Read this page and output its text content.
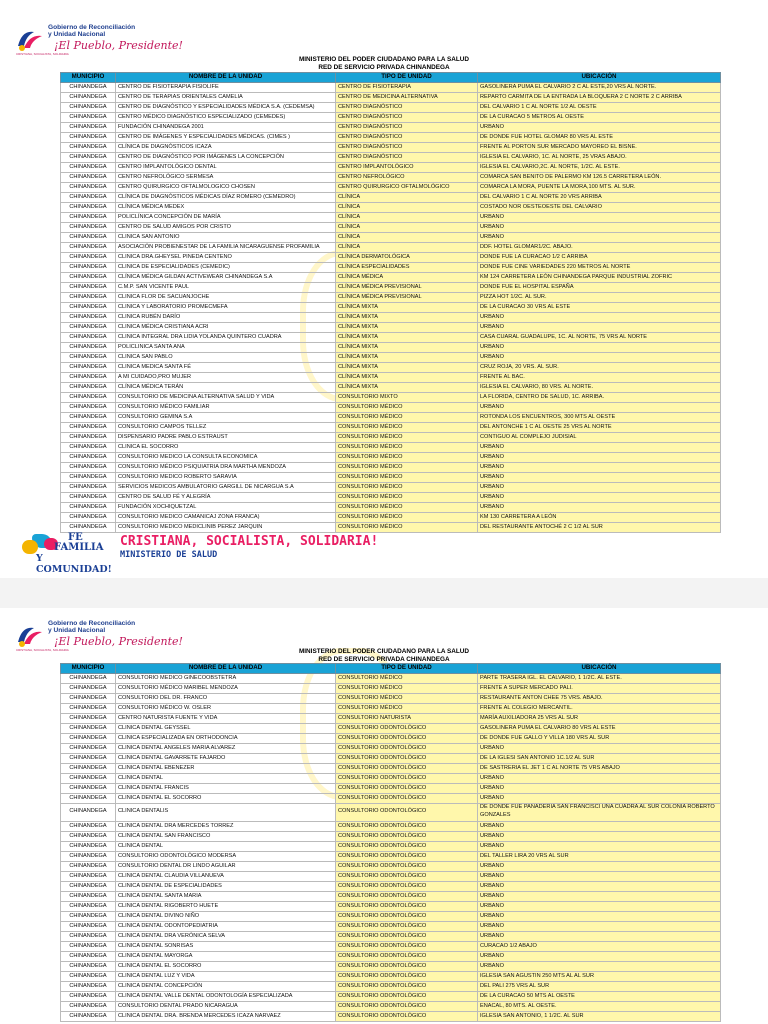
Gobierno de Reconciliación
y Unidad Nacional
¡El Pueblo, Presidente!
CRISTIANA, SOCIALISTA, SOLIDARIA
MINISTERIO DEL PODER CIUDADANO PARA LA SALUD
RED DE SERVICIO PRIVADA CHINANDEGA
MUNICIPIO	NOMBRE DE LA UNIDAD	TIPO DE UNIDAD	UBICACIÓN
CHINANDEGA	CENTRO DE FISIOTERAPIA FISIOLIFE	CENTRO DE FISIOTERAPIA	GASOLINERA PUMA EL CALVARIO 2 C AL ESTE,20 VRS AL NORTE.
CHINANDEGA	CENTRO DE TERAPIAS ORIENTALES CAMELIA	CENTRO DE MEDICINA ALTERNATIVA	REPARTO CARMITA DE LA ENTRADA LA BLOQUERA 2 C NORTE 2 C ARRIBA
CHINANDEGA	CENTRO DE DIAGNÓSTICO Y ESPECIALIDADES MÉDICA S.A. (CEDEMSA)	CENTRO DIAGNÓSTICO	DEL CALVARIO 1 C AL NORTE 1/2 AL OESTE
CHINANDEGA	CENTRO MÉDICO DIAGNÓSTICO ESPECIALIZADO (CEMEDES)	CENTRO DIAGNÓSTICO	DE LA CURACAO 5 METROS AL OESTE
CHINANDEGA	FUNDACIÓN CHINANDEGA 2001	CENTRO DIAGNÓSTICO	URBANO
CHINANDEGA	CENTRO DE IMÁGENES Y ESPECIALIDADES MÉDICAS. (CIMES )	CENTRO DIAGNÓSTICO	DE DONDE FUE HOTEL GLOMAR 80 VRS AL ESTE
CHINANDEGA	CLÍNICA DE DIAGNÓSTICOS ICAZA	CENTRO DIAGNÓSTICO	FRENTE AL PORTON SUR MERCADO MAYOREO EL BISNE.
CHINANDEGA	CENTRO DE DIAGNÓSTICO POR IMÁGENES LA CONCEPCIÓN	CENTRO DIAGNÓSTICO	IGLESIA EL CALVARIO, 1C. AL NORTE, 25 VRAS ABAJO.
CHINANDEGA	CENTRO IMPLANTOLÓGICO DENTAL	CENTRO IMPLANTOLÓGICO	IGLESIA EL CALVARIO,2C. AL NORTE, 1/2C. AL ESTE.
CHINANDEGA	CENTRO NEFROLÓGICO SERMESA	CENTRO NEFROLÓGICO	COMARCA SAN BENITO DE PALERMO KM 126.5 CARRETERA LEÓN.
CHINANDEGA	CENTRO QUIRURGICO OFTALMOLOGICO CHOSEN	CENTRO QUIRURGICO OFTALMOLÓGICO	COMARCA LA MORA, PUENTE LA MORA,100 MTS. AL SUR.
CHINANDEGA	CLÍNICA DE DIAGNÓSTICOS MÉDICAS DÍAZ ROMERO (CEMEDRO)	CLÍNICA	DEL CALVARIO 1 C AL NORTE 20 VRS ARRIBA
CHINANDEGA	CLÍNICA MÉDICA MEDEX	CLÍNICA	COSTADO NOR OESTEOESTE DEL CALVARIO
CHINANDEGA	POLICLÍNICA CONCEPCIÓN DE MARÍA	CLÍNICA	URBANO
CHINANDEGA	CENTRO DE SALUD AMIGOS POR CRISTO	CLÍNICA	URBANO
CHINANDEGA	CLINICA SAN ANTONIO	CLÍNICA	URBANO
CHINANDEGA	ASOCIACIÓN PROBIENESTAR DE LA FAMILIA NICARAGUENSE PROFAMILIA	CLÍNICA	DDF. HOTEL GLOMAR1/2C. ABAJO.
CHINANDEGA	CLINICA DRA.GHEYSEL PINEDA CENTENO	CLÍNICA DERMATOLÓGICA	DONDE FUE LA CURACAO 1/2 C ARRIBA
CHINANDEGA	CLINICA DE ESPECIALIDADES (CEMEDIC)	CLÍNICA ESPECIALIDADES	DONDE FUE CINE VARIEDADES 220 METROS AL NORTE
CHINANDEGA	CLÍNICA MÉDICA GILDAN ACTIVEWEAR CHINANDEGA S.A	CLÍNICA MÉDICA	KM 124 CARRETERA LEÓN CHINANDEGA PARQUE INDUSTRIAL ZOFRIC
CHINANDEGA	C.M.P. SAN VICENTE PAUL	CLÍNICA MÉDICA PREVISIONAL	DONDE FUE EL HOSPITAL ESPAÑA
CHINANDEGA	CLINICA FLOR DE SACUANJOCHE	CLÍNICA MÉDICA PREVISIONAL	PIZZA HOT 1/2C. AL SUR.
CHINANDEGA	CLINICA Y LABORATORIO PROMECMEFA	CLÍNICA MIXTA	DE LA CURACAO 30 VRS AL ESTE
CHINANDEGA	CLINICA RUBÉN DARÍO	CLÍNICA MIXTA	URBANO
CHINANDEGA	CLINICA MÉDICA CRISTIANA ACRI	CLÍNICA MIXTA	URBANO
CHINANDEGA	CLINICA INTEGRAL DRA LIDIA YOLANDA QUINTERO CUADRA	CLÍNICA MIXTA	CASA CUARAL GUADALUPE, 1C. AL NORTE, 75 VRS AL NORTE
CHINANDEGA	POLICLINICA SANTA ANA	CLÍNICA MIXTA	URBANO
CHINANDEGA	CLINICA SAN PABLO	CLÍNICA MIXTA	URBANO
CHINANDEGA	CLINICA MEDICA SANTA FÉ	CLÍNICA MIXTA	CRUZ ROJA, 20 VRS. AL SUR.
CHINANDEGA	A MI CUIDADO,PRO MUJER	CLÍNICA MIXTA	FRENTE AL BAC.
CHINANDEGA	CLÍNICA MÉDICA TERÁN	CLÍNICA MIXTA	IGLESIA EL CALVARIO, 80 VRS. AL NORTE.
CHINANDEGA	CONSULTORIO DE MEDICINA ALTERNATIVA SALUD Y VIDA	CONSULTORIO MIXTO	LA FLORIDA, CENTRO DE SALUD, 1C. ARRIBA.
CHINANDEGA	CONSULTORIO MÉDICO FAMILIAR	CONSULTORIO MÉDICO	URBANO
CHINANDEGA	CONSULTORIO GEMINA S.A	CONSULTORIO MÉDICO	ROTONDA LOS ENCUENTROS, 300 MTS AL OESTE
CHINANDEGA	CONSULTORIO CAMPOS TELLEZ	CONSULTORIO MÉDICO	DEL ANTONCHE 1 C AL OESTE 25 VRS AL NORTE
CHINANDEGA	DISPENSARIO PADRE PABLO ESTRAUST	CONSULTORIO MÉDICO	CONTIGUO AL COMPLEJO JUDISIAL
CHINANDEGA	CLINICA EL SOCORRO	CONSULTORIO MÉDICO	URBANO
CHINANDEGA	CONSULTORIO MEDICO LA CONSULTA ECONOMICA	CONSULTORIO MÉDICO	URBANO
CHINANDEGA	CONSULTORIO MÉDICO PSIQUIATRIA DRA MARTHA MENDOZA	CONSULTORIO MÉDICO	URBANO
CHINANDEGA	CONSULTORIO MEDICO ROBERTO SARAVIA	CONSULTORIO MÉDICO	URBANO
CHINANDEGA	SERVICIOS MEDICOS AMBULATORIO GARGILL DE NICARGUA S.A	CONSULTORIO MÉDICO	URBANO
CHINANDEGA	CENTRO DE SALUD FÉ Y ALEGRÍA	CONSULTORIO MÉDICO	URBANO
CHINANDEGA	FUNDACIÓN XOCHIQUETZAL	CONSULTORIO MÉDICO	URBANO
CHINANDEGA	CONSULTORIO MEDICO CAMANICAJ ZONA FRANCA)	CONSULTORIO MÉDICO	KM 130 CARRETERA A LEÓN
CHINANDEGA	CONSULTORIO MEDICO MEDICLINIB PEREZ JARQUIN	CONSULTORIO MÉDICO	DEL RESTAURANTE ANTOCHÉ 2 C 1/2 AL SUR
FE
FAMILIA
Y COMUNIDAD!
CRISTIANA, SOCIALISTA, SOLIDARIA!
MINISTERIO DE SALUD
Gobierno de Reconciliación
y Unidad Nacional
¡El Pueblo, Presidente!
CRISTIANA, SOCIALISTA, SOLIDARIA	MINISTERIO DEL PODER CIUDADANO PARA LA SALUD
RED DE SERVICIO PRIVADA CHINANDEGA
MUNICIPIO	NOMBRE DE LA UNIDAD	TIPO DE UNIDAD	UBICACIÓN
CHINANDEGA	CONSULTORIO MEDICO GINECOOBSTETRA	CONSULTORIO MÉDICO	PARTE TRASERA IGL. EL CALVARIO, 1 1/2C. AL ESTE.
CHINANDEGA	CONSULTORIO MÉDICO MARIBEL MENDOZA	CONSULTORIO MÉDICO	FRENTE A SUPER MERCADO PALI.
CHINANDEGA	CONSULTORIO DEL DR. FRANCO	CONSULTORIO MÉDICO	RESTAURANTE ANTON CHEE 75 VRS. ABAJO.
CHINANDEGA	CONSULTORIO MÉDICO W. OSLER	CONSULTORIO MÉDICO	FRENTE AL COLEGIO MERCANTIL.
CHINANDEGA	CENTRO NATURISTA FUENTE Y VIDA	CONSULTORIO NATURISTA	MARÍA AUXILIADORA 25 VRS AL SUR
CHINANDEGA	CLINICA DENTAL GEYSSEL	CONSULTORIO ODONTOLÓGICO	GASOLINERA PUMA EL CALVARIO 80 VRS AL ESTE
CHINANDEGA	CLINICA ESPECIALIZADA EN ORTHODONCIA	CONSULTORIO ODONTOLÓGICO	DE DONDE FUE GALLO Y VILLA 180 VRS AL SUR
CHINANDEGA	CLINICA DENTAL ANGELES MARIA ALVAREZ	CONSULTORIO ODONTOLÓGICO	URBANO
CHINANDEGA	CLINICA DENTAL GAVARRETE FAJARDO	CONSULTORIO ODONTOLÓGICO	DE LA IGLESI SAN ANTONIO 1C.1/2 AL SUR
CHINANDEGA	CLINICA DENTAL EBENEZER	CONSULTORIO ODONTOLÓGICO	DE SASTRERIA EL JET 1 C AL NORTE 75 VRS ABAJO
CHINANDEGA	CLINICA DENTAL	CONSULTORIO ODONTOLÓGICO	URBANO
CHINANDEGA	CLINICA DENTAL FRANCIS	CONSULTORIO ODONTOLÓGICO	URBANO
CHINANDEGA	CLINICA DENTAL EL SOCORRO	CONSULTORIO ODONTOLÓGICO	URBANO
CHINANDEGA	CLINICA DENTALIS	CONSULTORIO ODONTOLÓGICO	DE DONDE FUE PANADERIA SAN FRANCISCI UNA CUADRA AL SUR COLONIA ROBERTO GONZALES
CHINANDEGA	CLINICA DENTAL DRA MERCEDES TORREZ	CONSULTORIO ODONTOLÓGICO	URBANO
CHINANDEGA	CLINICA DENTAL SAN FRANCISCO	CONSULTORIO ODONTOLÓGICO	URBANO
CHINANDEGA	CLINICA DENTAL	CONSULTORIO ODONTOLÓGICO	URBANO
CHINANDEGA	CONSULTORIO ODONTOLÓGICO MODERSA	CONSULTORIO ODONTOLÓGICO	DEL TALLER LIRA 20 VRS AL SUR
CHINANDEGA	CONSULTORIO DENTAL DR LINDO AGUILAR	CONSULTORIO ODONTOLÓGICO	URBANO
CHINANDEGA	CLINICA DENTAL CLAUDIA VILLANUEVA	CONSULTORIO ODONTOLÓGICO	URBANO
CHINANDEGA	CLINICA DENTAL DE ESPECIALIDADES	CONSULTORIO ODONTOLÓGICO	URBANO
CHINANDEGA	CLINICA DENTAL SANTA MARIA	CONSULTORIO ODONTOLÓGICO	URBANO
CHINANDEGA	CLINICA DENTAL RIGOBERTO HUETE	CONSULTORIO ODONTOLÓGICO	URBANO
CHINANDEGA	CLINICA DENTAL DIVINO NIÑO	CONSULTORIO ODONTOLÓGICO	URBANO
CHINANDEGA	CLINICA DENTAL ODONTOPEDIATRIA	CONSULTORIO ODONTOLÓGICO	URBANO
CHINANDEGA	CLINICA DENTAL DRA VERÓNICA SELVA	CONSULTORIO ODONTOLÓGICO	URBANO
CHINANDEGA	CLINICA DENTAL SONRISAS	CONSULTORIO ODONTOLÓGICO	CURACAO 1/2 ABAJO
CHINANDEGA	CLINICA DENTAL MAYORGA	CONSULTORIO ODONTOLÓGICO	URBANO
CHINANDEGA	CLINICA DENTAL EL SOCORRO	CONSULTORIO ODONTOLÓGICO	URBANO
CHINANDEGA	CLINICA DENTAL LUZ Y VIDA	CONSULTORIO ODONTOLÓGICO	IGLESIA SAN AGUSTIN 250 MTS AL AL SUR
CHINANDEGA	CLINICA DENTAL CONCEPCIÓN	CONSULTORIO ODONTOLÓGICO	DEL PALI 275 VRS AL SUR
CHINANDEGA	CLINICA DENTAL VALLE DENTAL ODONTOLOGÍA ESPECIALIZADA	CONSULTORIO ODONTOLÓGICO	DE LA CURACAO 50 MTS AL OESTE
CHINANDEGA	CONSULTORIO DENTAL PRADO NICARAGUA	CONSULTORIO ODONTOLÓGICO	ENACAL, 80 MTS. AL OESTE.
CHINANDEGA	CLINICA DENTAL DRA. BRENDA MERCEDES ICAZA NARVAEZ	CONSULTORIO ODONTOLÓGICO	IGLESIA SAN ANTONIO, 1 1/2C. AL SUR
